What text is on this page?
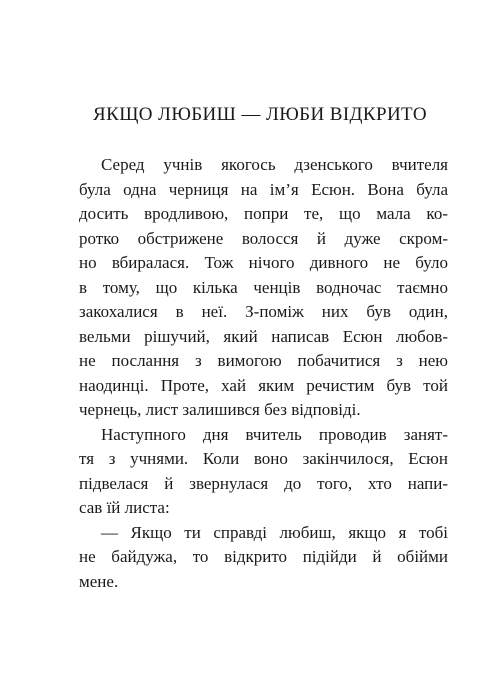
ЯКЩО ЛЮБИШ — ЛЮБИ ВІДКРИТО
Серед учнів якогось дзенського вчителя
була одна черниця на ім’я Есюн. Вона була
досить вродливою, попри те, що мала ко-
ротко обстрижене волосся й дуже скром-
но вбиралася. Тож нічого дивного не було
в тому, що кілька ченців водночас таємно
закохалися в неї. З-поміж них був один,
вельми рішучий, який написав Есюн любов-
не послання з вимогою побачитися з нею
наодинці. Проте, хай яким речистим був той
чернець, лист залишився без відповіді.
Наступного дня вчитель проводив занят-
тя з учнями. Коли воно закінчилося, Есюн
підвелася й звернулася до того, хто напи-
сав їй листа:
— Якщо ти справді любиш, якщо я тобі
не байдужа, то відкрито підійди й обійми
мене.
